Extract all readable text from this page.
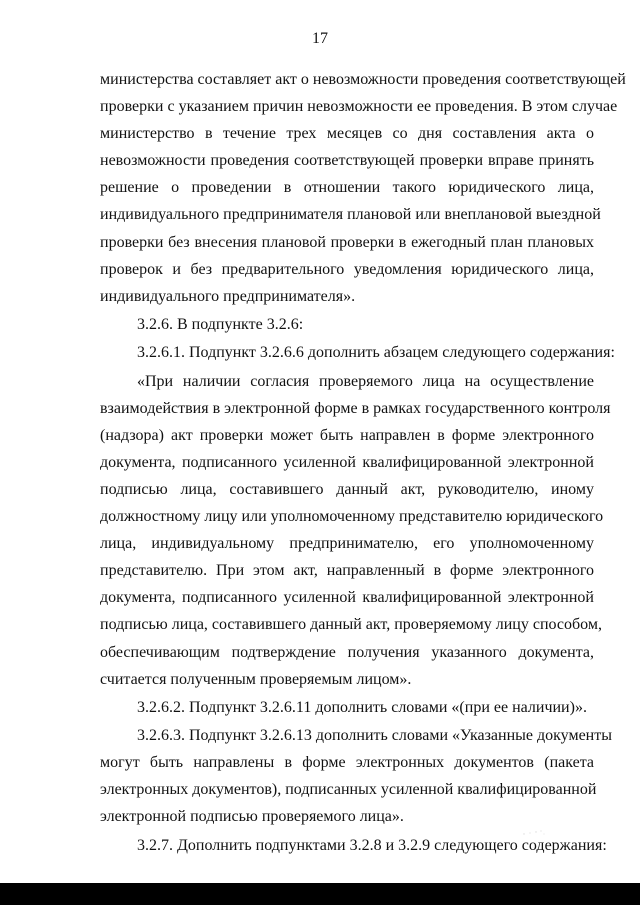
17
министерства составляет акт о невозможности проведения соответствующей
проверки с указанием причин невозможности ее проведения. В этом случае
министерство в течение трех месяцев со дня составления акта о
невозможности проведения соответствующей проверки вправе принять
решение о проведении в отношении такого юридического лица,
индивидуального предпринимателя плановой или внеплановой выездной
проверки без внесения плановой проверки в ежегодный план плановых
проверок и без предварительного уведомления юридического лица,
индивидуального предпринимателя».
3.2.6. В подпункте 3.2.6:
3.2.6.1. Подпункт 3.2.6.6 дополнить абзацем следующего содержания:
«При наличии согласия проверяемого лица на осуществление
взаимодействия в электронной форме в рамках государственного контроля
(надзора) акт проверки может быть направлен в форме электронного
документа, подписанного усиленной квалифицированной электронной
подписью лица, составившего данный акт, руководителю, иному
должностному лицу или уполномоченному представителю юридического
лица, индивидуальному предпринимателю, его уполномоченному
представителю. При этом акт, направленный в форме электронного
документа, подписанного усиленной квалифицированной электронной
подписью лица, составившего данный акт, проверяемому лицу способом,
обеспечивающим подтверждение получения указанного документа,
считается полученным проверяемым лицом».
3.2.6.2. Подпункт 3.2.6.11 дополнить словами «(при ее наличии)».
3.2.6.3. Подпункт 3.2.6.13 дополнить словами «Указанные документы
могут быть направлены в форме электронных документов (пакета
электронных документов), подписанных усиленной квалифицированной
электронной подписью проверяемого лица».
3.2.7. Дополнить подпунктами 3.2.8 и 3.2.9 следующего содержания:
